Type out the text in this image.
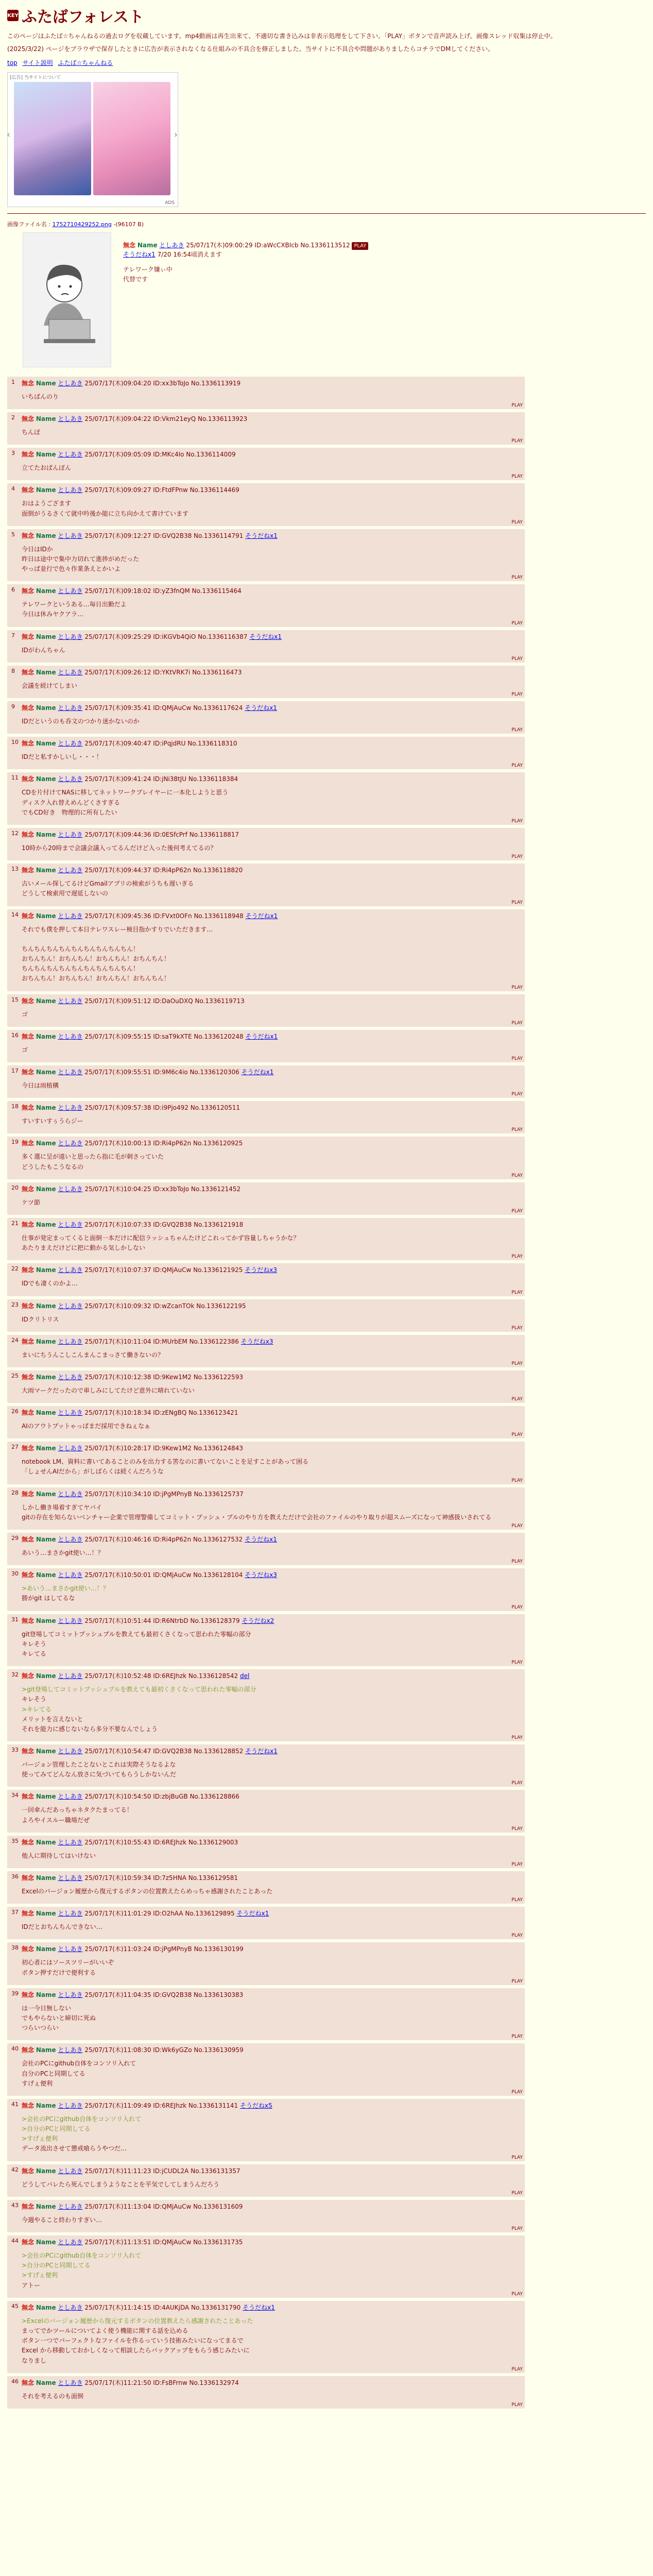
KEY ふたばフォレスト

このページはふたば☆ちゃんねるの過去ログを収蔵しています。mp4動画は再生出来て、不適切な書き込みは非表示処理をして下さい。「PLAY」ボタンで音声読み上げ。画像スレッド収集は停止中。

(2025/3/22) ページをブラウザで保存したときに広告が表示されなくなる仕組みの不具合を修正しました。当サイトに不具合や問題がありましたらコチラでDMしてください。

top サイト説明 ふたば☆ちゃんねる
[広告] 当サイトについて
‹	›
ADS
画像ファイル名 : 1752710429252.png -(96107 B)
無念 Name としあき 25/07/17(木)09:00:29 ID:aWcCXBIcb No.1336113512 PLAY
そうだねx1 7/20 16:54頃消えます
テレワーク嫌ぃ中
代替です
1 無念 Name としあき 25/07/17(木)09:04:20 ID:xx3bToJo No.1336113919
いちばんのり
PLAY
2 無念 Name としあき 25/07/17(木)09:04:22 ID:Vkm21eyQ No.1336113923
ちんぽ
PLAY
3 無念 Name としあき 25/07/17(木)09:05:09 ID:MKc4Io No.1336114009
立てたおぱんぽん
PLAY
4 無念 Name としあき 25/07/17(木)09:09:27 ID:FtdFPnw No.1336114469
おはようござます
面倒がうるさくて就中吟後か能に立ち向かえて書けています
PLAY
5 無念 Name としあき 25/07/17(木)09:12:27 ID:GVQ2B38 No.1336114791 そうだねx1
今日はIDか
昨日は途中で集中力切れて進捗がめだった
やっぱ並行で色々作業条えとかいよ
PLAY
6 無念 Name としあき 25/07/17(木)09:18:02 ID:yZ3fnQM No.1336115464
テレワークというある…毎日出勤だよ
今日は休みヤクアラ…
PLAY
7 無念 Name としあき 25/07/17(木)09:25:29 ID:iKGVb4QiO No.1336116387 そうだねx1
IDがわんちゃん
PLAY
8 無念 Name としあき 25/07/17(木)09:26:12 ID:YKtVRK7i No.1336116473
会議を続けてしまい
PLAY
9 無念 Name としあき 25/07/17(木)09:35:41 ID:QMjAuCw No.1336117624 そうだねx1
IDだというのも呑文のつかり迷かないのか
PLAY
10 無念 Name としあき 25/07/17(木)09:40:47 ID:iPqjdRU No.1336118310
IDだと私すかしいし・・・！
PLAY
11 無念 Name としあき 25/07/17(木)09:41:24 ID:jNi38tJU No.1336118384
CDを片付けてNASに移してネットワークプレイヤーに一本化しようと思う
ディスク入れ替えめんどくさすぎる
でもCD好き　物理的に所有したい
PLAY
12 無念 Name としあき 25/07/17(木)09:44:36 ID:0ESfcPrf No.1336118817
10時から20時まで会議会議入ってるんだけど入った後何考えてるの？
PLAY
13 無念 Name としあき 25/07/17(木)09:44:37 ID:Ri4pP62n No.1336118820
古いメール探してるけどGmailアプリの検索がうちも遅いぎる
どうして検索用で遅延しないの
PLAY
14 無念 Name としあき 25/07/17(木)09:45:36 ID:FVxt0OFn No.1336118948 そうだねx1
それでも僕を押して本日テレワスレー検目指かすりでいただきます…

ちんちんちんちんちんちんちんちんちん！
おちんちん！おちんちん！おちんちん！おちんちん！
ちんちんちんちんちんちんちんちんちん！
おちんちん！おちんちん！おちんちん！おちんちん！
PLAY
15 無念 Name としあき 25/07/17(木)09:51:12 ID:DaOuDXQ No.1336119713
ゴ
PLAY
16 無念 Name としあき 25/07/17(木)09:55:15 ID:saT9kXTE No.1336120248 そうだねx1
ゴ
PLAY
17 無念 Name としあき 25/07/17(木)09:55:51 ID:9M6c4io No.1336120306 そうだねx1
今日は雨植構
PLAY
18 無念 Name としあき 25/07/17(木)09:57:38 ID:i9Pjo492 No.1336120511
すいすいすぅうらジー
PLAY
19 無念 Name としあき 25/07/17(木)10:00:13 ID:Ri4pP62n No.1336120925
多く選に呈が遠いと思ったら指に毛が刺さっていた
どうしたもこうなるの
PLAY
20 無念 Name としあき 25/07/17(木)10:04:25 ID:xx3bToJo No.1336121452
ケツ節
PLAY
21 無念 Name としあき 25/07/17(木)10:07:33 ID:GVQ2B38 No.1336121918
仕事が発定まってくると面倒一本だけに配信ラッシュちゃんたけどこれってかず容量しちゃうかな？
あたりまえだけどに把に動かる気しかしない
PLAY
22 無念 Name としあき 25/07/17(木)10:07:37 ID:QMjAuCw No.1336121925 そうだねx3
IDでも凄くのかよ…
PLAY
23 無念 Name としあき 25/07/17(木)10:09:32 ID:wZcanTOk No.1336122195
IDクリトリス
PLAY
24 無念 Name としあき 25/07/17(木)10:11:04 ID:MUrbEM No.1336122386 そうだねx3
まいにちうんこしこんまんこまっさて働きないの？
PLAY
25 無念 Name としあき 25/07/17(木)10:12:38 ID:9Kew1M2 No.1336122593
大雨マークだったので車しみにしてたけど意外に晴れていない
PLAY
26 無念 Name としあき 25/07/17(木)10:18:34 ID:zENgBQ No.1336123421
AIのアウトプットゃっぱまだ採用できねぇなぁ
PLAY
27 無念 Name としあき 25/07/17(木)10:28:17 ID:9Kew1M2 No.1336124843
notebook LM、資料に書いてあることのみを出力する筈なのに書いてないことを足すことがあって困る
「しょせんAIだから」がしばらくは続くんだろうな
PLAY
28 無念 Name としあき 25/07/17(木)10:34:10 ID:jPgMPnyB No.1336125737
しかし働き場着すぎてヤバイ
gitの存在を知らないベンチャー企業で管理警備してコミット・プッシュ・プルのやり方を教えただけで会社のファイルのやり取りが超スムーズになって神感扱いされてる
PLAY
29 無念 Name としあき 25/07/17(木)10:46:16 ID:Ri4pP62n No.1336127532 そうだねx1
あいう…まさかgit使い…！？
PLAY
30 無念 Name としあき 25/07/17(木)10:50:01 ID:QMjAuCw No.1336128104 そうだねx3
>あいう…まさかgit使い…！？
勝がgit はしてるな
PLAY
31 無念 Name としあき 25/07/17(木)10:51:44 ID:R6NtrbD No.1336128379 そうだねx2
git登場してコミットプッシュプルを教えても最初くさくなって思われた零幅の部分
キレそう
キレてる
PLAY
32 無念 Name としあき 25/07/17(木)10:52:48 ID:6REJhzk No.1336128542 del
>git登場してコミットプッシュプルを教えても最初くさくなって思われた零幅の部分
キレそう
>キレてる
メリットを言えないと
それを能力に感じないなら多分不要なんでしょう
PLAY
33 無念 Name としあき 25/07/17(木)10:54:47 ID:GVQ2B38 No.1336128852 そうだねx1
バージョン管理したことないとこれは実際そうなるよな
使ってみてどんなん放さに気づいてもらうしかないんだ
PLAY
34 無念 Name としあき 25/07/17(木)10:54:50 ID:zbjBuGB No.1336128866
一回傘んだあっちゃネタクたまってる！
よろやイスルー職場だぜ
PLAY
35 無念 Name としあき 25/07/17(木)10:55:43 ID:6REJhzk No.1336129003
他人に期待してはいけない
PLAY
36 無念 Name としあき 25/07/17(木)10:59:34 ID:7z5HNA No.1336129581
Excelのバージョン履歴から復元するボタンの位置教えたらめっちゃ感謝されたことあった
PLAY
37 無念 Name としあき 25/07/17(木)11:01:29 ID:O2hAA No.1336129895 そうだねx1
IDだとおちんちんできない…
PLAY
38 無念 Name としあき 25/07/17(木)11:03:24 ID:jPgMPnyB No.1336130199
初心者にはソースツリーがいいぞ
ボタン押すだけで便利する
PLAY
39 無念 Name としあき 25/07/17(木)11:04:35 ID:GVQ2B38 No.1336130383
は一今日無しない
でもやらないと締切に死ぬ
つらいつらい
PLAY
40 無念 Name としあき 25/07/17(木)11:08:30 ID:Wk6yGZo No.1336130959
会社のPCにgithub自体をコンソリ入れて
自分のPCと同期してる
すげぇ便利
PLAY
41 無念 Name としあき 25/07/17(木)11:09:49 ID:6REJhzk No.1336131141 そうだねx5
>会社のPCにgithub自体をコンソリ入れて
>自分のPCと同期してる
>すげぇ便利
データ流出させて懲戒喰らうやつだ…
PLAY
42 無念 Name としあき 25/07/17(木)11:11:23 ID:jCUDL2A No.1336131357
どうしてバレたら死んでしまうようなことを平気でしてしまうんだろう
PLAY
43 無念 Name としあき 25/07/17(木)11:13:04 ID:QMjAuCw No.1336131609
今週やること終わりすぎい…
PLAY
44 無念 Name としあき 25/07/17(木)11:13:51 ID:QMjAuCw No.1336131735
>会社のPCにgithub自体をコンソリ入れて
>自分のPCと同期してる
>すげぇ便利
アトー
PLAY
45 無念 Name としあき 25/07/17(木)11:14:15 ID:4AUKjDA No.1336131790 そうだねx1
>Excelのバージョン履歴から復元するボタンの位置教えたら感謝されたことあった
まってでかツールについてよく使う機能に関する話を込める
ボタン一つでパーフェクトなファイルを作るっていう技術みたいになってまるで
Excel から移動しておかしくなって相談したらバックアップをもらう感じみたいに
なりまし
PLAY
46 無念 Name としあき 25/07/17(木)11:21:50 ID:FsBFrnw No.1336132974
それを考えるのも面倒
PLAY
